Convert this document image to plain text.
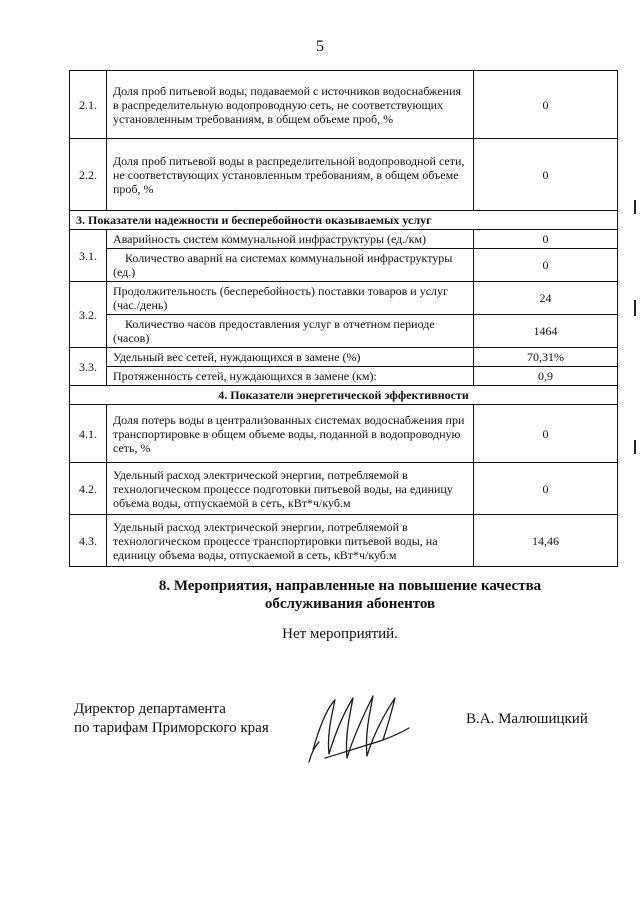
5
2.1.	Доля проб питьевой воды, подаваемой с источников водоснабжения в распределительную водопроводную сеть, не соответствующих установленным требованиям, в общем объеме проб, %	0
2.2.	Доля проб питьевой воды в распределительной водопроводной сети, не соответствующих установленным требованиям, в общем объеме проб, %	0
3. Показатели надежности и бесперебойности оказываемых услуг		
3.1.	Аварийность систем коммунальной инфраструктуры (ед./км)	0
	Количество аварий на системах коммунальной инфраструктуры (ед.)	0
3.2.	Продолжительность (бесперебойность) поставки товаров и услуг (час./день)	24
	Количество часов предоставления услуг в отчетном периоде (часов)	1464
3.3.	Удельный вес сетей, нуждающихся в замене (%)	70,31%
	Протяженность сетей, нуждающихся в замене (км):	0,9
4. Показатели энергетической эффективности		
4.1.	Доля потерь воды в централизованных системах водоснабжения при транспортировке в общем объеме воды, поданной в водопроводную сеть, %	0
4.2.	Удельный расход электрической энергии, потребляемой в технологическом процессе подготовки питьевой воды, на единицу объема воды, отпускаемой в сеть, кВт*ч/куб.м	0
4.3.	Удельный расход электрической энергии, потребляемой в технологическом процессе транспортировки питьевой воды, на единицу объема воды, отпускаемой в сеть, кВт*ч/куб.м	14,46
8. Мероприятия, направленные на повышение качества
обслуживания абонентов
Нет мероприятий.
Директор департамента
по тарифам Приморского края
В.А. Малюшицкий
